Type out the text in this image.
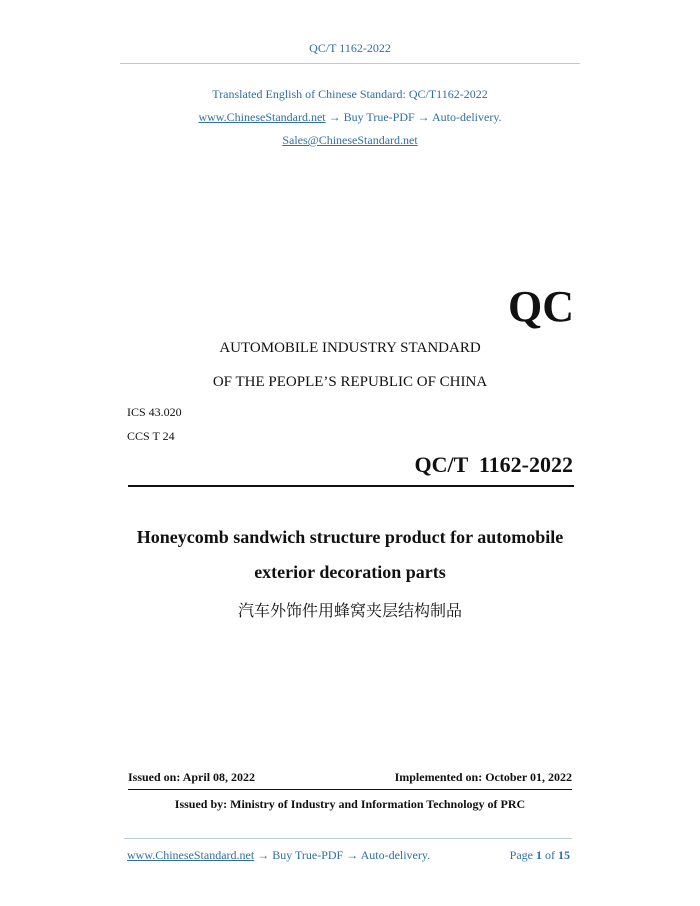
QC/T 1162-2022
Translated English of Chinese Standard: QC/T1162-2022
www.ChineseStandard.net → Buy True-PDF → Auto-delivery.
Sales@ChineseStandard.net
QC
AUTOMOBILE INDUSTRY STANDARD
OF THE PEOPLE’S REPUBLIC OF CHINA
ICS 43.020
CCS T 24
QC/T  1162-2022
Honeycomb sandwich structure product for automobile
exterior decoration parts
汽车外饰件用蜂窝夹层结构制品
Issued on: April 08, 2022	Implemented on: October 01, 2022
Issued by: Ministry of Industry and Information Technology of PRC
www.ChineseStandard.net → Buy True-PDF → Auto-delivery.	Page 1 of 15
